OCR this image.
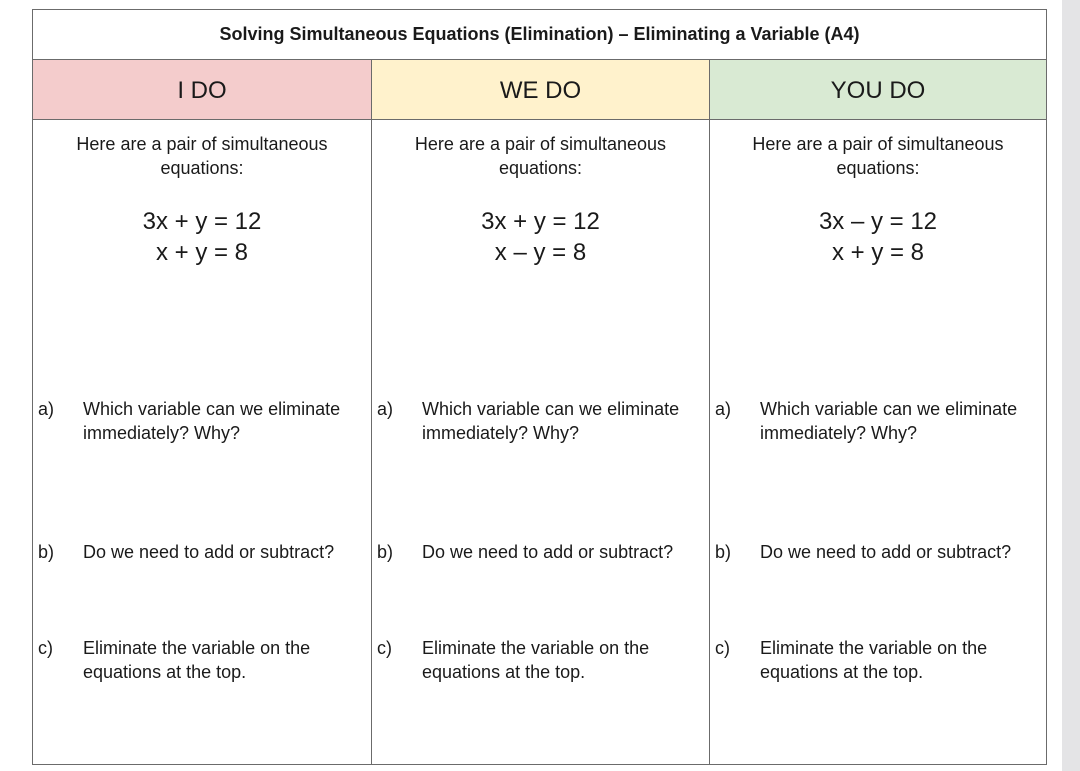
Solving Simultaneous Equations (Elimination) – Eliminating a Variable (A4)
I DO	WE DO	YOU DO
Here are a pair of simultaneous equations:
3x + y = 12
x + y = 8
a) Which variable can we eliminate immediately? Why?
b) Do we need to add or subtract?
c) Eliminate the variable on the equations at the top.
Here are a pair of simultaneous equations:
3x + y = 12
x – y = 8
a) Which variable can we eliminate immediately? Why?
b) Do we need to add or subtract?
c) Eliminate the variable on the equations at the top.
Here are a pair of simultaneous equations:
3x – y = 12
x + y = 8
a) Which variable can we eliminate immediately? Why?
b) Do we need to add or subtract?
c) Eliminate the variable on the equations at the top.
